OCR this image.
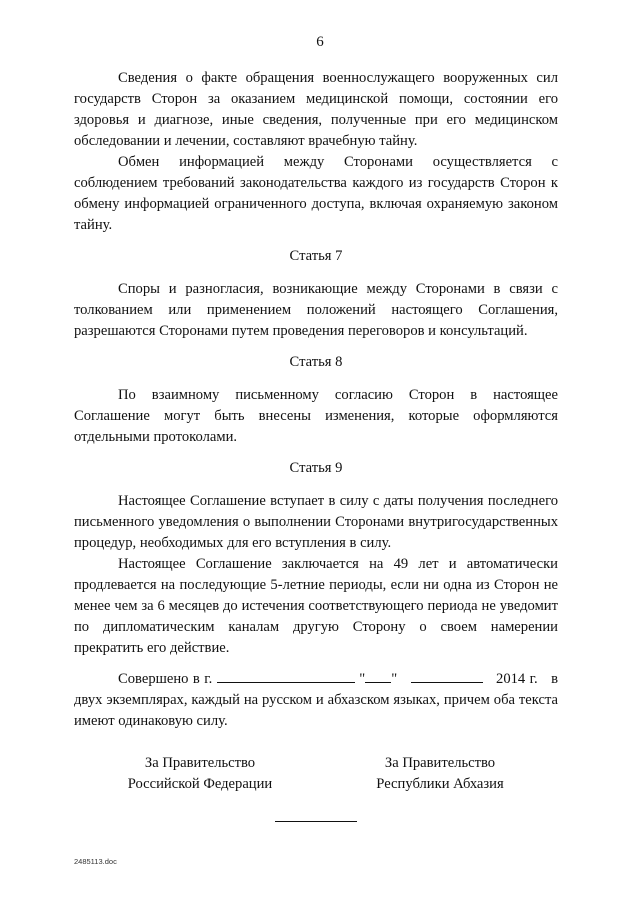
6

Сведения о факте обращения военнослужащего вооруженных сил государств Сторон за оказанием медицинской помощи, состоянии его здоровья и диагнозе, иные сведения, полученные при его медицинском обследовании и лечении, составляют врачебную тайну.

Обмен информацией между Сторонами осуществляется с соблюдением требований законодательства каждого из государств Сторон к обмену информацией ограниченного доступа, включая охраняемую законом тайну.

Статья 7

Споры и разногласия, возникающие между Сторонами в связи с толкованием или применением положений настоящего Соглашения, разрешаются Сторонами путем проведения переговоров и консультаций.

Статья 8

По взаимному письменному согласию Сторон в настоящее Соглашение могут быть внесены изменения, которые оформляются отдельными протоколами.

Статья 9

Настоящее Соглашение вступает в силу с даты получения последнего письменного уведомления о выполнении Сторонами внутригосударственных процедур, необходимых для его вступления в силу.

Настоящее Соглашение заключается на 49 лет и автоматически продлевается на последующие 5-летние периоды, если ни одна из Сторон не менее чем за 6 месяцев до истечения соответствующего периода не уведомит по дипломатическим каналам другую Сторону о своем намерении прекратить его действие.

Совершено в г.	" "	2014 г. в двух экземплярах, каждый на русском и абхазском языках, причем оба текста имеют одинаковую силу.

За Правительство
Российской Федерации
За Правительство
Республики Абхазия
2485113.doc
